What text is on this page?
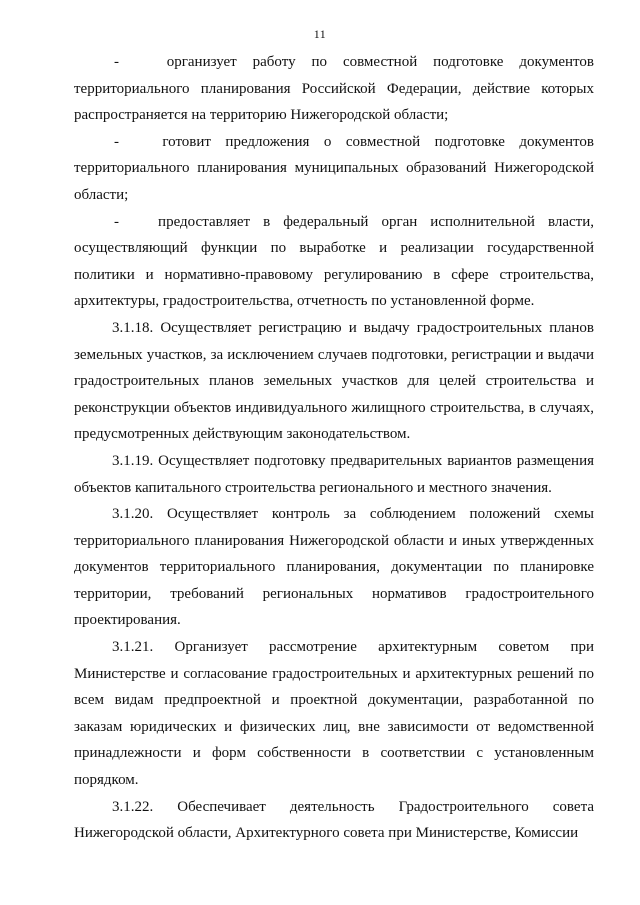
11

-   организует работу по совместной подготовке документов территориального планирования Российской Федерации, действие которых распространяется на территорию Нижегородской области;

-   готовит предложения о совместной подготовке документов территориального планирования муниципальных образований Нижегородской области;

-   предоставляет в федеральный орган исполнительной власти, осуществляющий функции по выработке и реализации государственной политики и нормативно-правовому регулированию в сфере строительства, архитектуры, градостроительства, отчетность по установленной форме.

3.1.18. Осуществляет регистрацию и выдачу градостроительных планов земельных участков, за исключением случаев подготовки, регистрации и выдачи градостроительных планов земельных участков для целей строительства и реконструкции объектов индивидуального жилищного строительства, в случаях, предусмотренных действующим законодательством.

3.1.19. Осуществляет подготовку предварительных вариантов размещения объектов капитального строительства регионального и местного значения.

3.1.20. Осуществляет контроль за соблюдением положений схемы территориального планирования Нижегородской области и иных утвержденных документов территориального планирования, документации по планировке территории, требований региональных нормативов градостроительного проектирования.

3.1.21. Организует рассмотрение архитектурным советом при Министерстве и согласование градостроительных и архитектурных решений по всем видам предпроектной и проектной документации, разработанной по заказам юридических и физических лиц, вне зависимости от ведомственной принадлежности и форм собственности в соответствии с установленным порядком.

3.1.22. Обеспечивает деятельность Градостроительного совета Нижегородской области, Архитектурного совета при Министерстве, Комиссии
